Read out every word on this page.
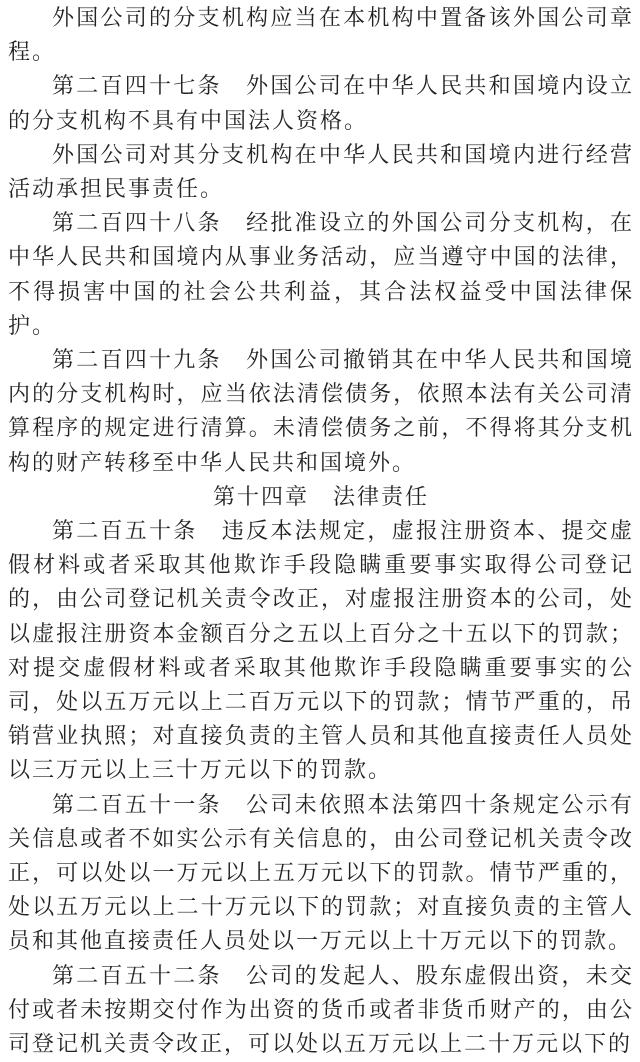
外国公司的分支机构应当在本机构中置备该外国公司章程。

第二百四十七条　外国公司在中华人民共和国境内设立的分支机构不具有中国法人资格。

外国公司对其分支机构在中华人民共和国境内进行经营活动承担民事责任。

第二百四十八条　经批准设立的外国公司分支机构，在中华人民共和国境内从事业务活动，应当遵守中国的法律，不得损害中国的社会公共利益，其合法权益受中国法律保护。

第二百四十九条　外国公司撤销其在中华人民共和国境内的分支机构时，应当依法清偿债务，依照本法有关公司清算程序的规定进行清算。未清偿债务之前，不得将其分支机构的财产转移至中华人民共和国境外。

第十四章　法律责任

第二百五十条　违反本法规定，虚报注册资本、提交虚假材料或者采取其他欺诈手段隐瞒重要事实取得公司登记的，由公司登记机关责令改正，对虚报注册资本的公司，处以虚报注册资本金额百分之五以上百分之十五以下的罚款；对提交虚假材料或者采取其他欺诈手段隐瞒重要事实的公司，处以五万元以上二百万元以下的罚款；情节严重的，吊销营业执照；对直接负责的主管人员和其他直接责任人员处以三万元以上三十万元以下的罚款。

第二百五十一条　公司未依照本法第四十条规定公示有关信息或者不如实公示有关信息的，由公司登记机关责令改正，可以处以一万元以上五万元以下的罚款。情节严重的，处以五万元以上二十万元以下的罚款；对直接负责的主管人员和其他直接责任人员处以一万元以上十万元以下的罚款。

第二百五十二条　公司的发起人、股东虚假出资，未交付或者未按期交付作为出资的货币或者非货币财产的，由公司登记机关责令改正，可以处以五万元以上二十万元以下的
